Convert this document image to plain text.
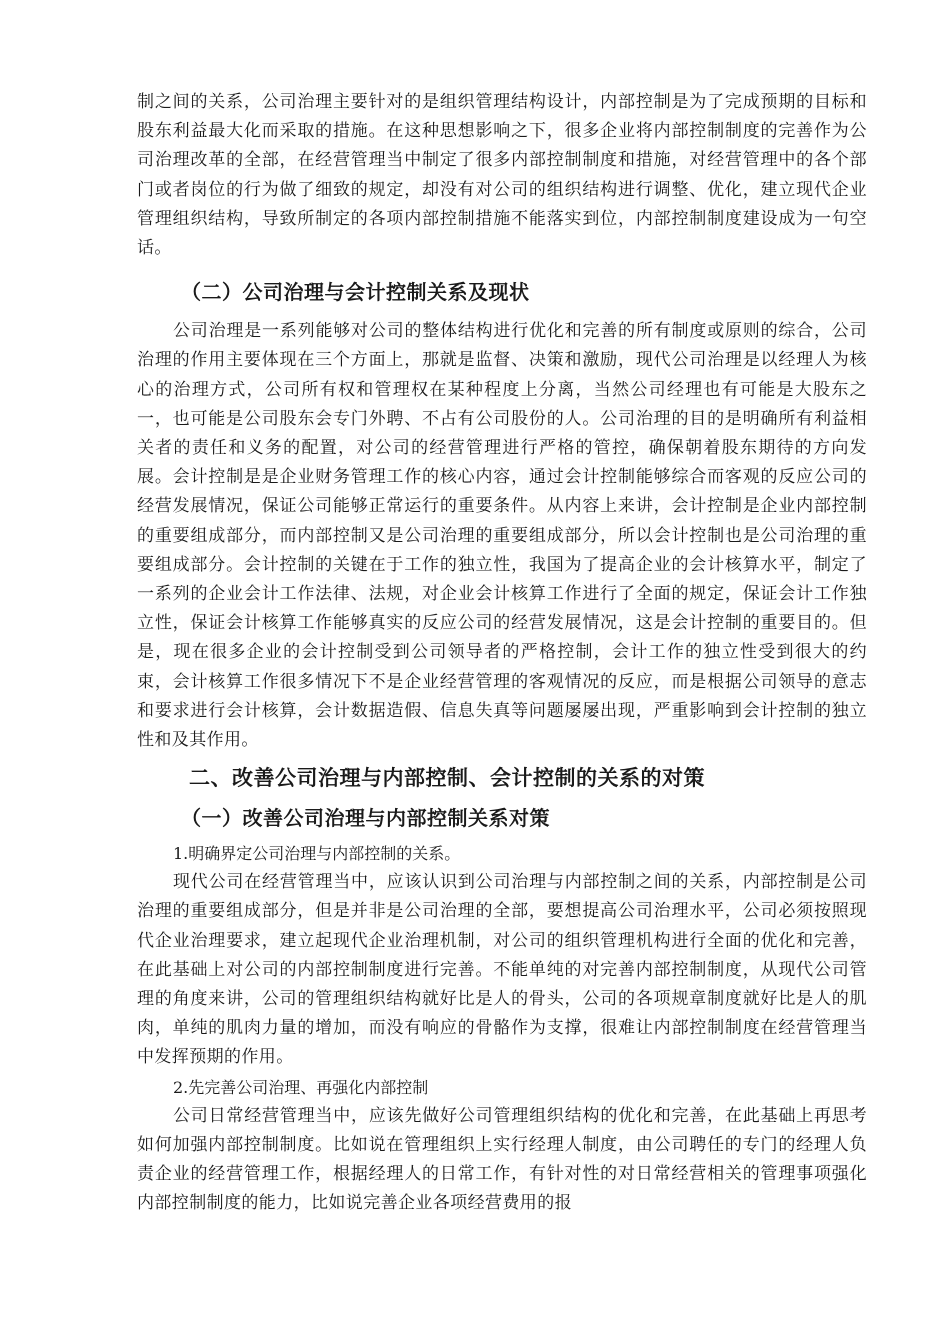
制之间的关系，公司治理主要针对的是组织管理结构设计，内部控制是为了完成预期的目标和股东利益最大化而采取的措施。在这种思想影响之下，很多企业将内部控制制度的完善作为公司治理改革的全部，在经营管理当中制定了很多内部控制制度和措施，对经营管理中的各个部门或者岗位的行为做了细致的规定，却没有对公司的组织结构进行调整、优化，建立现代企业管理组织结构，导致所制定的各项内部控制措施不能落实到位，内部控制制度建设成为一句空话。

（二）公司治理与会计控制关系及现状

公司治理是一系列能够对公司的整体结构进行优化和完善的所有制度或原则的综合，公司治理的作用主要体现在三个方面上，那就是监督、决策和激励，现代公司治理是以经理人为核心的治理方式，公司所有权和管理权在某种程度上分离，当然公司经理也有可能是大股东之一，也可能是公司股东会专门外聘、不占有公司股份的人。公司治理的目的是明确所有利益相关者的责任和义务的配置，对公司的经营管理进行严格的管控，确保朝着股东期待的方向发展。会计控制是是企业财务管理工作的核心内容，通过会计控制能够综合而客观的反应公司的经营发展情况，保证公司能够正常运行的重要条件。从内容上来讲，会计控制是企业内部控制的重要组成部分，而内部控制又是公司治理的重要组成部分，所以会计控制也是公司治理的重要组成部分。会计控制的关键在于工作的独立性，我国为了提高企业的会计核算水平，制定了一系列的企业会计工作法律、法规，对企业会计核算工作进行了全面的规定，保证会计工作独立性，保证会计核算工作能够真实的反应公司的经营发展情况，这是会计控制的重要目的。但是，现在很多企业的会计控制受到公司领导者的严格控制，会计工作的独立性受到很大的约束，会计核算工作很多情况下不是企业经营管理的客观情况的反应，而是根据公司领导的意志和要求进行会计核算，会计数据造假、信息失真等问题屡屡出现，严重影响到会计控制的独立性和及其作用。

二、改善公司治理与内部控制、会计控制的关系的对策

（一）改善公司治理与内部控制关系对策

1.明确界定公司治理与内部控制的关系。

现代公司在经营管理当中，应该认识到公司治理与内部控制之间的关系，内部控制是公司治理的重要组成部分，但是并非是公司治理的全部，要想提高公司治理水平，公司必须按照现代企业治理要求，建立起现代企业治理机制，对公司的组织管理机构进行全面的优化和完善，在此基础上对公司的内部控制制度进行完善。不能单纯的对完善内部控制制度，从现代公司管理的角度来讲，公司的管理组织结构就好比是人的骨头，公司的各项规章制度就好比是人的肌肉，单纯的肌肉力量的增加，而没有响应的骨骼作为支撑，很难让内部控制制度在经营管理当中发挥预期的作用。

2.先完善公司治理、再强化内部控制

公司日常经营管理当中，应该先做好公司管理组织结构的优化和完善，在此基础上再思考如何加强内部控制制度。比如说在管理组织上实行经理人制度，由公司聘任的专门的经理人负责企业的经营管理工作，根据经理人的日常工作，有针对性的对日常经营相关的管理事项强化内部控制制度的能力，比如说完善企业各项经营费用的报
